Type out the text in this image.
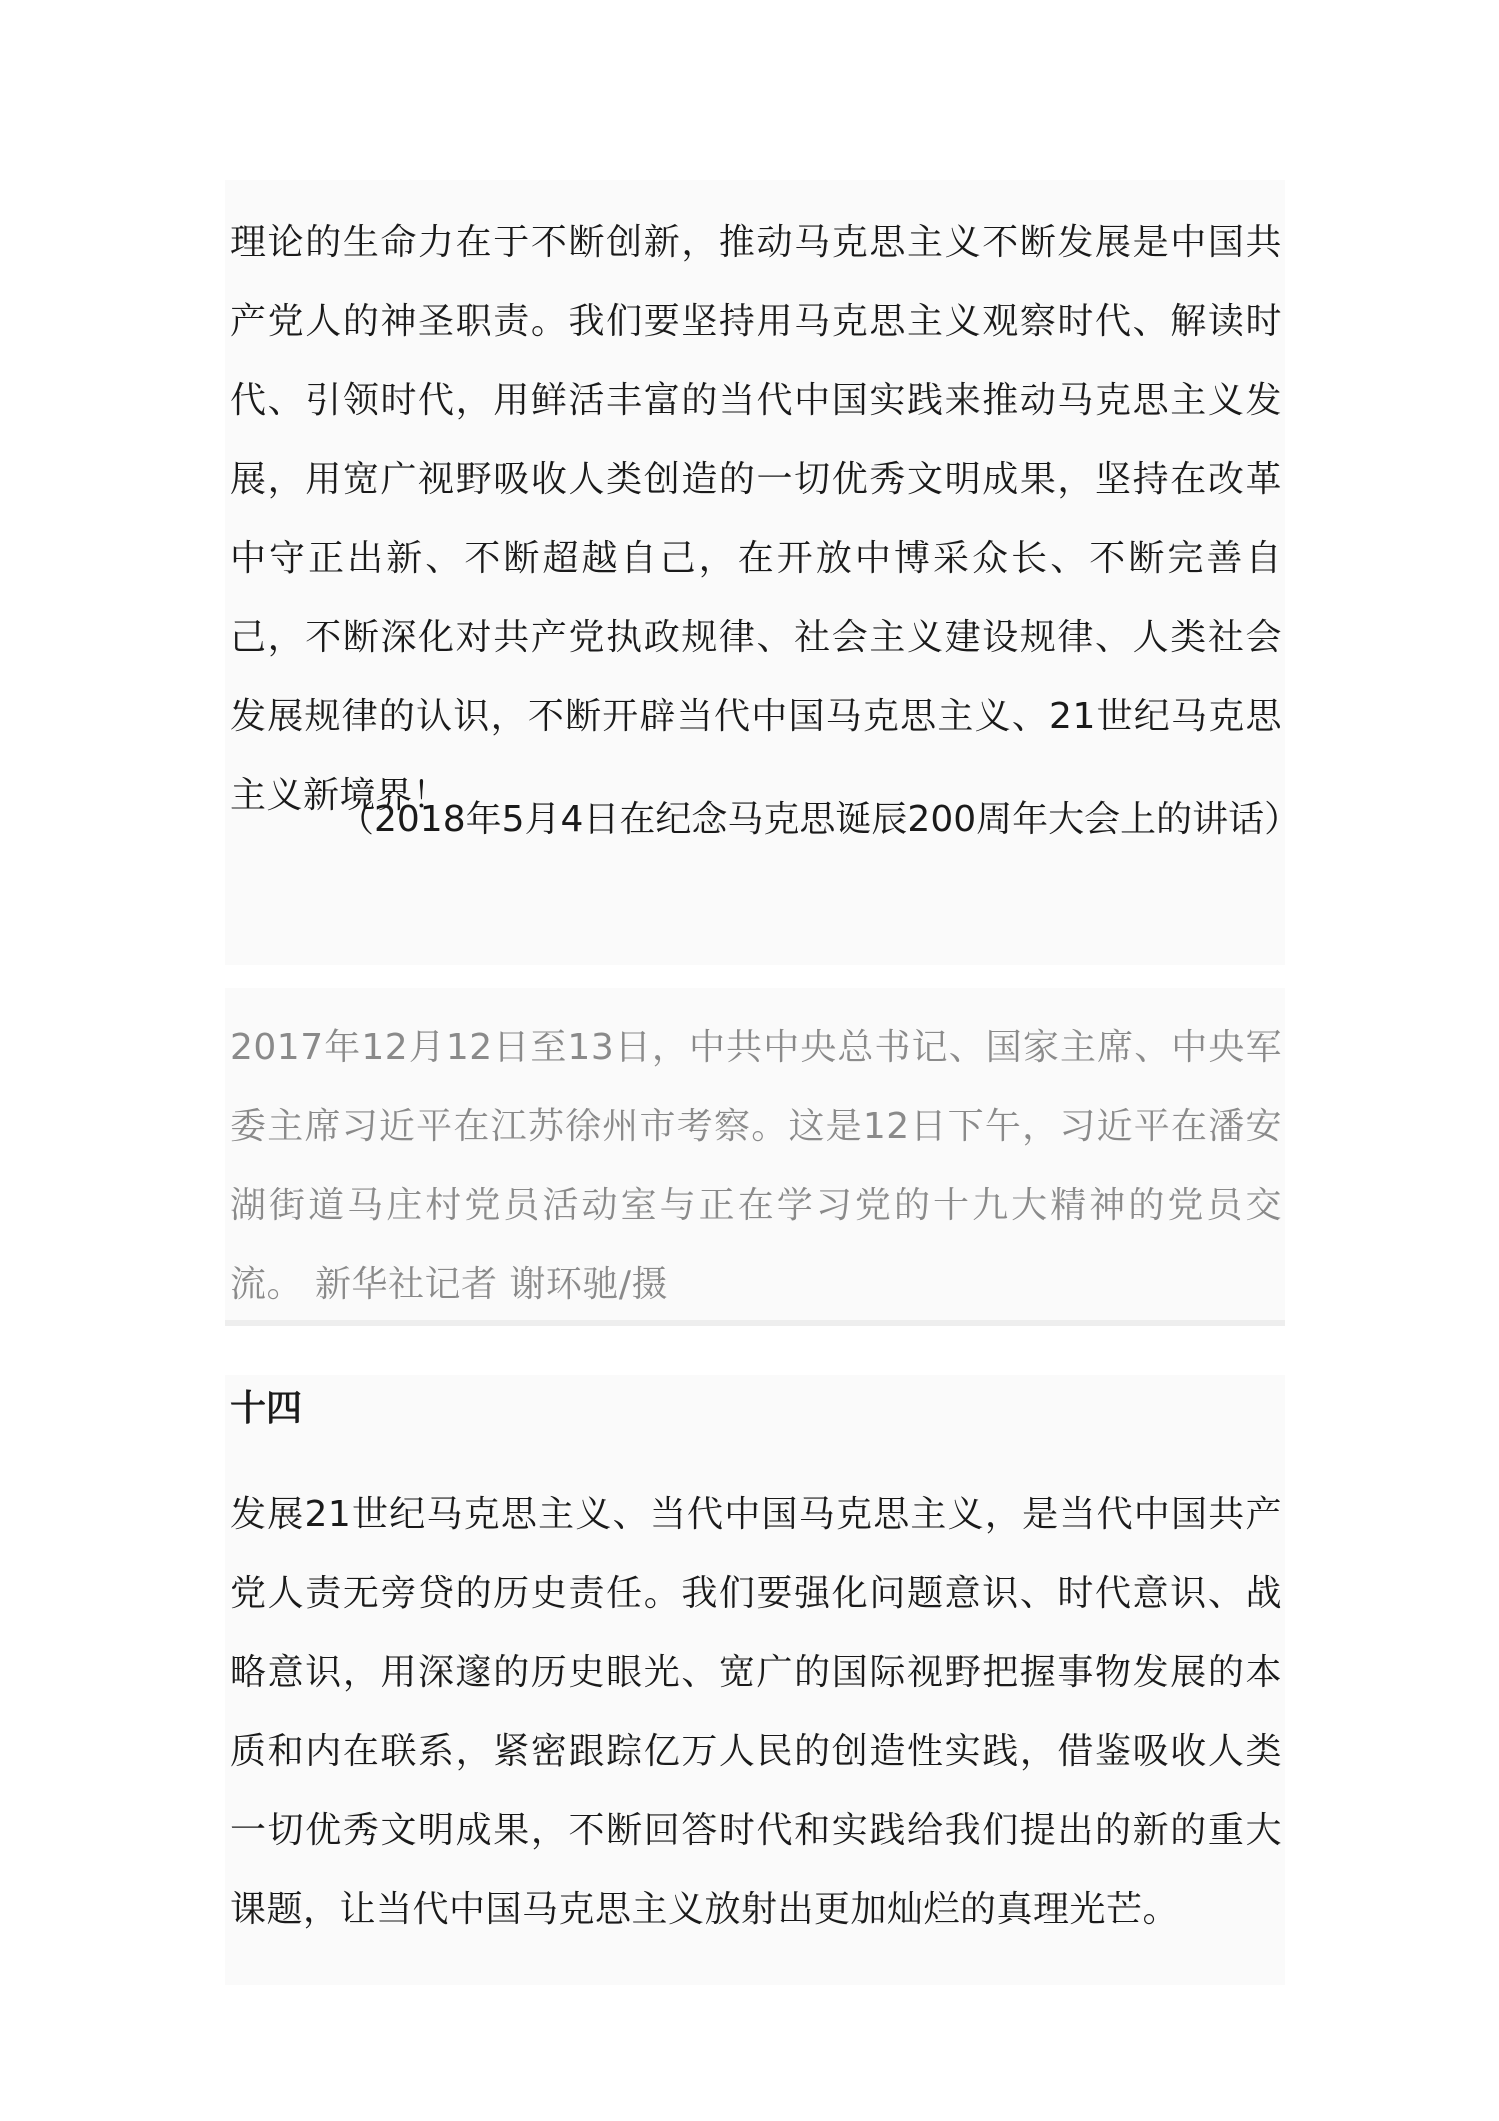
理论的生命力在于不断创新，推动马克思主义不断发展是中国共产党人的神圣职责。我们要坚持用马克思主义观察时代、解读时代、引领时代，用鲜活丰富的当代中国实践来推动马克思主义发展，用宽广视野吸收人类创造的一切优秀文明成果，坚持在改革中守正出新、不断超越自己，在开放中博采众长、不断完善自己，不断深化对共产党执政规律、社会主义建设规律、人类社会发展规律的认识，不断开辟当代中国马克思主义、21世纪马克思主义新境界！

（2018年5月4日在纪念马克思诞辰200周年大会上的讲话）

2017年12月12日至13日，中共中央总书记、国家主席、中央军委主席习近平在江苏徐州市考察。这是12日下午，习近平在潘安湖街道马庄村党员活动室与正在学习党的十九大精神的党员交流。 新华社记者 谢环驰/摄

发展21世纪马克思主义、当代中国马克思主义，是当代中国共产党人责无旁贷的历史责任。我们要强化问题意识、时代意识、战略意识，用深邃的历史眼光、宽广的国际视野把握事物发展的本质和内在联系，紧密跟踪亿万人民的创造性实践，借鉴吸收人类一切优秀文明成果，不断回答时代和实践给我们提出的新的重大课题，让当代中国马克思主义放射出更加灿烂的真理光芒。

十四
